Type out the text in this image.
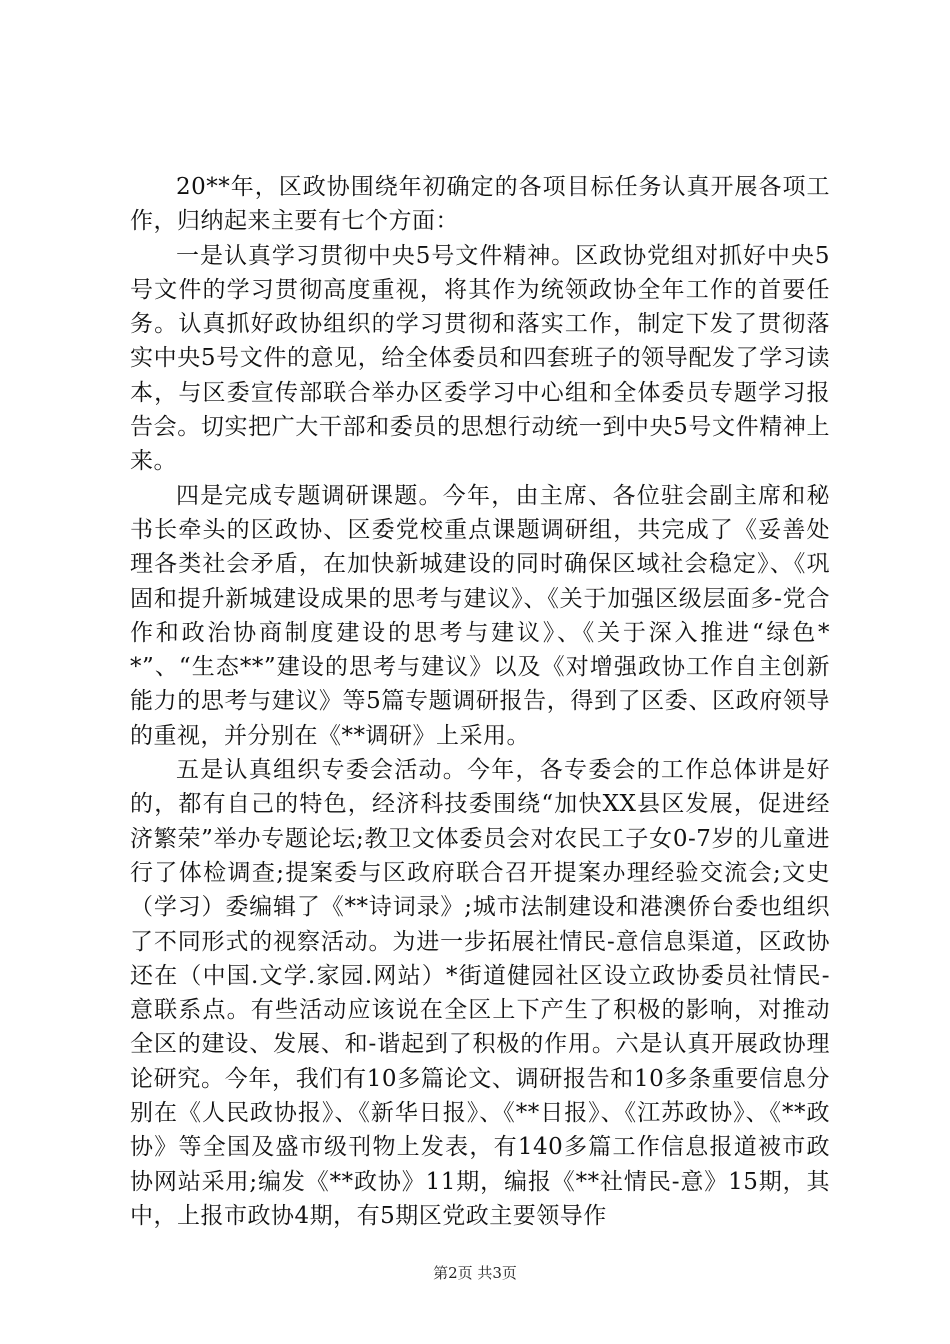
20**年，区政协围绕年初确定的各项目标任务认真开展各项工作，归纳起来主要有七个方面：

一是认真学习贯彻中央5号文件精神。区政协党组对抓好中央5号文件的学习贯彻高度重视，将其作为统领政协全年工作的首要任务。认真抓好政协组织的学习贯彻和落实工作，制定下发了贯彻落实中央5号文件的意见，给全体委员和四套班子的领导配发了学习读本，与区委宣传部联合举办区委学习中心组和全体委员专题学习报告会。切实把广大干部和委员的思想行动统一到中央5号文件精神上来。

四是完成专题调研课题。今年，由主席、各位驻会副主席和秘书长牵头的区政协、区委党校重点课题调研组，共完成了《妥善处理各类社会矛盾，在加快新城建设的同时确保区域社会稳定》、《巩固和提升新城建设成果的思考与建议》、《关于加强区级层面多-党合作和政治协商制度建设的思考与建议》、《关于深入推进“绿色**”、“生态**”建设的思考与建议》以及《对增强政协工作自主创新能力的思考与建议》等5篇专题调研报告，得到了区委、区政府领导的重视，并分别在《**调研》上采用。

五是认真组织专委会活动。今年，各专委会的工作总体讲是好的，都有自己的特色，经济科技委围绕“加快XX县区发展，促进经济繁荣”举办专题论坛;教卫文体委员会对农民工子女0-7岁的儿童进行了体检调查;提案委与区政府联合召开提案办理经验交流会;文史（学习）委编辑了《**诗词录》;城市法制建设和港澳侨台委也组织了不同形式的视察活动。为进一步拓展社情民-意信息渠道，区政协还在（中国.文学.家园.网站）*街道健园社区设立政协委员社情民-意联系点。有些活动应该说在全区上下产生了积极的影响，对推动全区的建设、发展、和-谐起到了积极的作用。六是认真开展政协理论研究。今年，我们有10多篇论文、调研报告和10多条重要信息分别在《人民政协报》、《新华日报》、《**日报》、《江苏政协》、《**政协》等全国及盛市级刊物上发表，有140多篇工作信息报道被市政协网站采用;编发《**政协》11期，编报《**社情民-意》15期，其中，上报市政协4期，有5期区党政主要领导作

第2页 共3页
